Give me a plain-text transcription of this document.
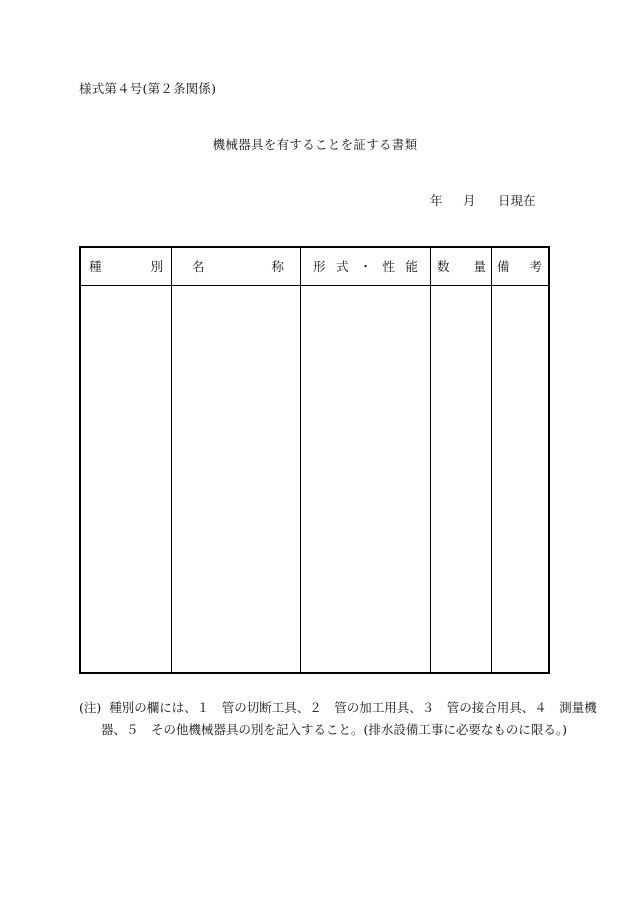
様式第４号(第２条関係)
機械器具を有することを証する書類
年 月 日現在
種	別 名	称 形 式 ・ 性 能 数 量 備 考
(注) 種別の欄には、１　管の切断工具、２　管の加工用具、３　管の接合用具、４　測量機
器、５　その他機械器具の別を記入すること。(排水設備工事に必要なものに限る。)
